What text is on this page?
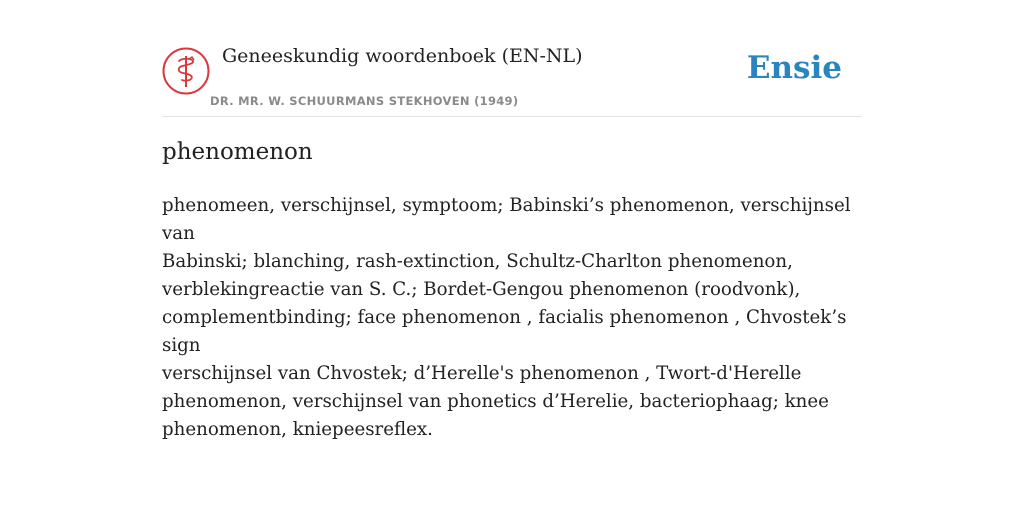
Geneeskundig woordenboek (EN-NL)
DR. MR. W. SCHUURMANS STEKHOVEN (1949)
Ensie
phenomenon

phenomeen, verschijnsel, symptoom; Babinski’s phenomenon, verschijnsel van
Babinski; blanching, rash-extinction, Schultz-Charlton phenomenon,
verblekingreactie van S. C.; Bordet-Gengou phenomenon (roodvonk),
complementbinding; face phenomenon , facialis phenomenon , Chvostek’s sign
verschijnsel van Chvostek; d’Herelle's phenomenon , Twort-d'Herelle
phenomenon, verschijnsel van phonetics d’Herelie, bacteriophaag; knee
phenomenon, kniepeesreflex.
